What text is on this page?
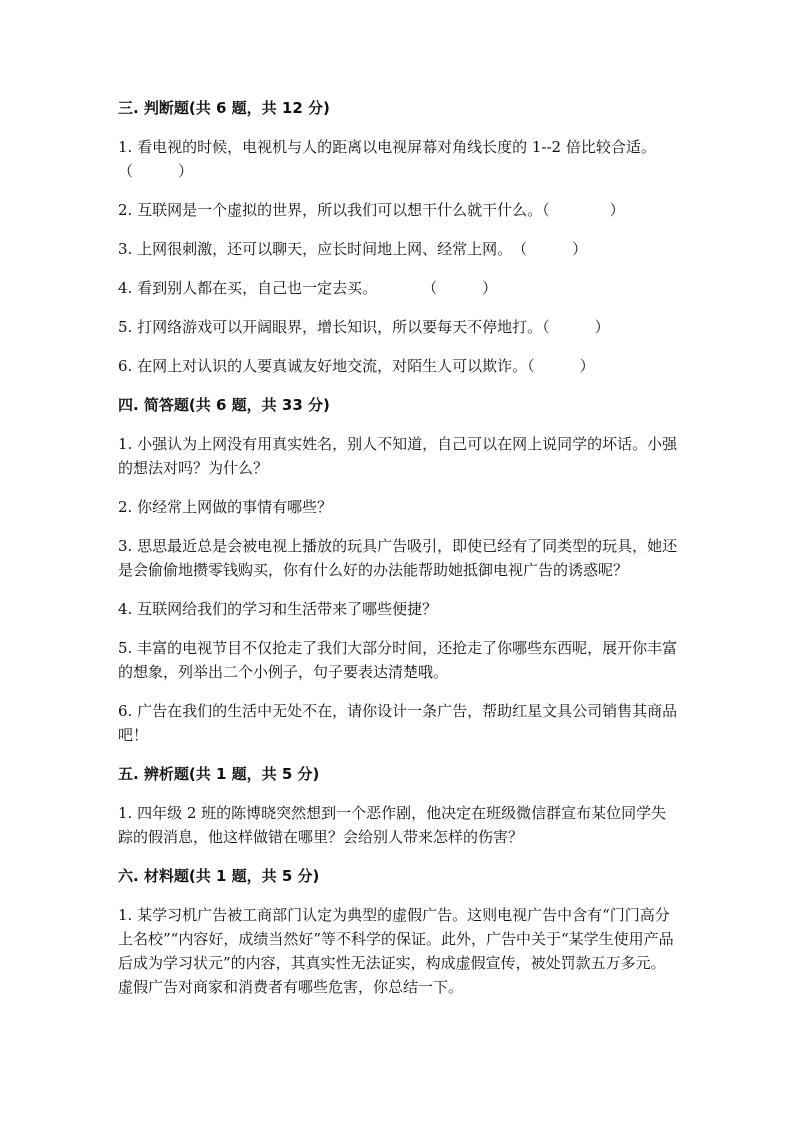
三. 判断题(共 6 题，共 12 分)
1. 看电视的时候，电视机与人的距离以电视屏幕对角线长度的 1--2 倍比较合适。（　　　）
2. 互联网是一个虚拟的世界，所以我们可以想干什么就干什么。（　　　　）
3. 上网很刺激，还可以聊天，应长时间地上网、经常上网。　（　　　）
4. 看到别人都在买，自己也一定去买。　　　　（　　　）
5. 打网络游戏可以开阔眼界，增长知识，所以要每天不停地打。（　　　）
6. 在网上对认识的人要真诚友好地交流，对陌生人可以欺诈。（　　　）
四. 简答题(共 6 题，共 33 分)
1. 小强认为上网没有用真实姓名，别人不知道，自己可以在网上说同学的坏话。小强的想法对吗？为什么？
2. 你经常上网做的事情有哪些？
3. 思思最近总是会被电视上播放的玩具广告吸引，即使已经有了同类型的玩具，她还是会偷偷地攒零钱购买，你有什么好的办法能帮助她抵御电视广告的诱惑呢？
4. 互联网给我们的学习和生活带来了哪些便捷？
5. 丰富的电视节目不仅抢走了我们大部分时间，还抢走了你哪些东西呢，展开你丰富的想象，列举出二个小例子，句子要表达清楚哦。
6. 广告在我们的生活中无处不在，请你设计一条广告，帮助红星文具公司销售其商品吧！
五. 辨析题(共 1 题，共 5 分)
1. 四年级 2 班的陈博晓突然想到一个恶作剧，他决定在班级微信群宣布某位同学失踪的假消息，他这样做错在哪里？会给别人带来怎样的伤害？
六. 材料题(共 1 题，共 5 分)
1. 某学习机广告被工商部门认定为典型的虚假广告。这则电视广告中含有“门门高分上名校”“内容好，成绩当然好”等不科学的保证。此外，广告中关于“某学生使用产品后成为学习状元”的内容，其真实性无法证实，构成虚假宣传，被处罚款五万多元。虚假广告对商家和消费者有哪些危害，你总结一下。
